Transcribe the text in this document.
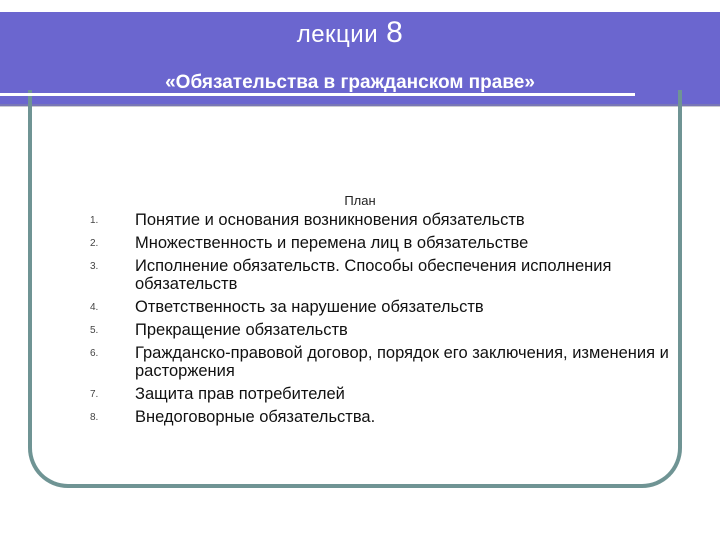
лекции 8
«Обязательства в гражданском праве»
План
1. Понятие и основания возникновения обязательств
2. Множественность и перемена лиц в обязательстве
3. Исполнение обязательств. Способы обеспечения исполнения обязательств
4. Ответственность за нарушение обязательств
5. Прекращение обязательств
6. Гражданско-правовой договор, порядок его заключения, изменения и расторжения
7. Защита прав потребителей
8. Внедоговорные обязательства.
